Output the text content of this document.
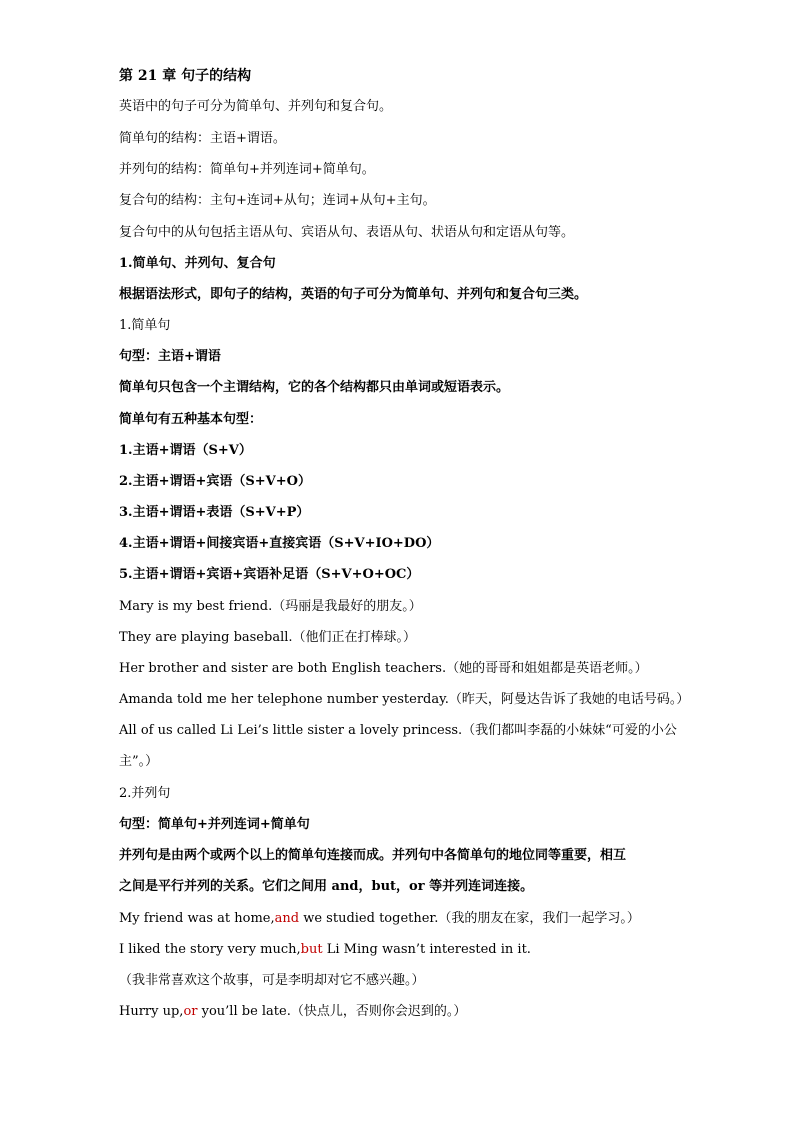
第 21 章 句子的结构
英语中的句子可分为简单句、并列句和复合句。
简单句的结构：主语+谓语。
并列句的结构：简单句+并列连词+简单句。
复合句的结构：主句+连词+从句；连词+从句+主句。
复合句中的从句包括主语从句、宾语从句、表语从句、状语从句和定语从句等。
1.简单句、并列句、复合句
根据语法形式，即句子的结构，英语的句子可分为简单句、并列句和复合句三类。
1.简单句
句型：主语+谓语
简单句只包含一个主谓结构，它的各个结构都只由单词或短语表示。
简单句有五种基本句型：
1.主语+谓语（S+V）
2.主语+谓语+宾语（S+V+O）
3.主语+谓语+表语（S+V+P）
4.主语+谓语+间接宾语+直接宾语（S+V+IO+DO）
5.主语+谓语+宾语+宾语补足语（S+V+O+OC）
Mary is my best friend.（玛丽是我最好的朋友。）
They are playing baseball.（他们正在打棒球。）
Her brother and sister are both English teachers.（她的哥哥和姐姐都是英语老师。）
Amanda told me her telephone number yesterday.（昨天，阿曼达告诉了我她的电话号码。）
All of us called Li Lei’s little sister a lovely princess.（我们都叫李磊的小妹妹“可爱的小公
主”。）
2.并列句
句型：简单句+并列连词+简单句
并列句是由两个或两个以上的简单句连接而成。并列句中各简单句的地位同等重要，相互
之间是平行并列的关系。它们之间用 and，but，or 等并列连词连接。
My friend was at home,and we studied together.（我的朋友在家，我们一起学习。）
I liked the story very much,but Li Ming wasn’t interested in it.
（我非常喜欢这个故事，可是李明却对它不感兴趣。）
Hurry up,or you’ll be late.（快点儿，否则你会迟到的。）
